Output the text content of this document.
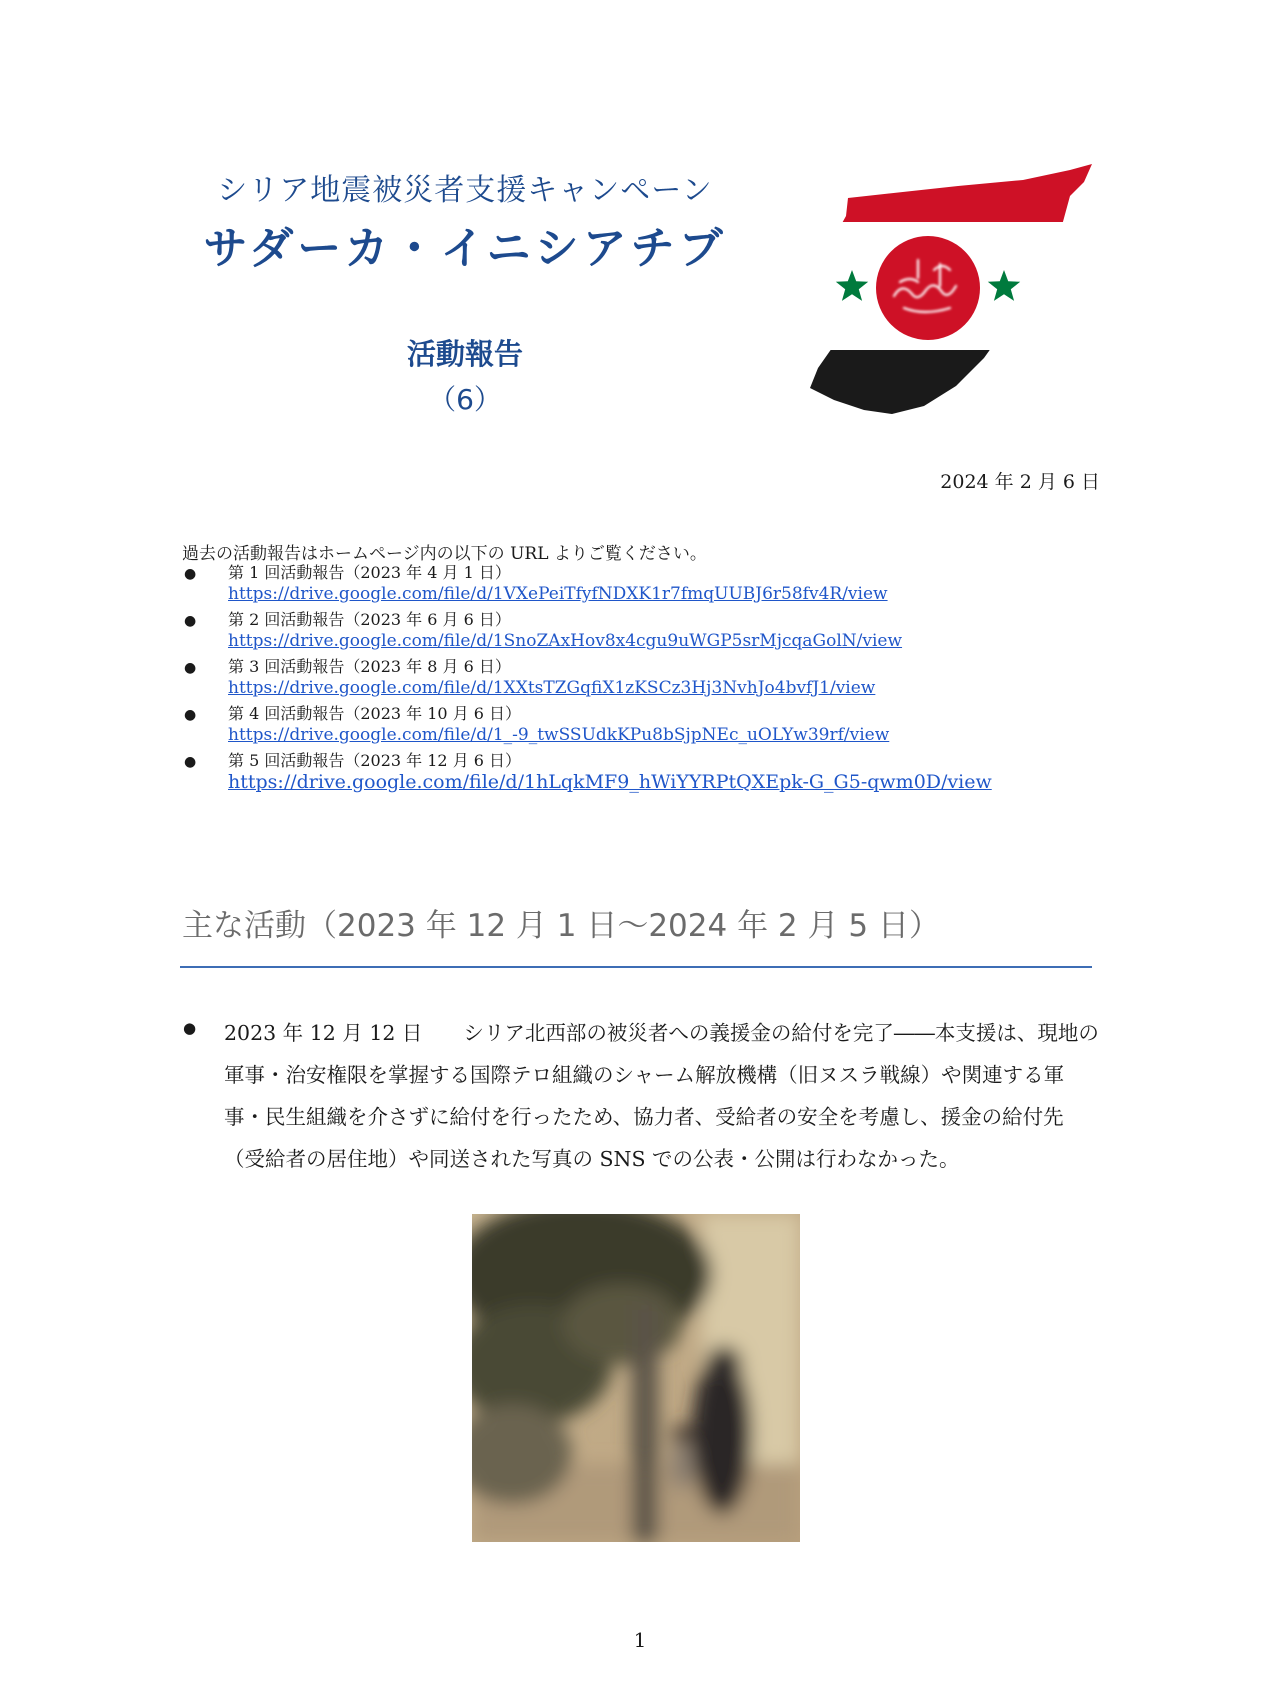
シリア地震被災者支援キャンペーン
サダーカ・イニシアチブ
活動報告
（6）
2024 年 2 月 6 日
過去の活動報告はホームページ内の以下の URL よりご覧ください。
● 第 1 回活動報告（2023 年 4 月 1 日）
https://drive.google.com/file/d/1VXePeiTfyfNDXK1r7fmqUUBJ6r58fv4R/view
● 第 2 回活動報告（2023 年 6 月 6 日）
https://drive.google.com/file/d/1SnoZAxHov8x4cgu9uWGP5srMjcqaGolN/view
● 第 3 回活動報告（2023 年 8 月 6 日）
https://drive.google.com/file/d/1XXtsTZGqfiX1zKSCz3Hj3NvhJo4bvfJ1/view
● 第 4 回活動報告（2023 年 10 月 6 日）
https://drive.google.com/file/d/1_-9_twSSUdkKPu8bSjpNEc_uOLYw39rf/view
● 第 5 回活動報告（2023 年 12 月 6 日）
https://drive.google.com/file/d/1hLqkMF9_hWiYYRPtQXEpk-G_G5-qwm0D/view
主な活動（2023 年 12 月 1 日～2024 年 2 月 5 日）
● 2023 年 12 月 12 日　　シリア北西部の被災者への義援金の給付を完了――本支援は、現地の軍事・治安権限を掌握する国際テロ組織のシャーム解放機構（旧ヌスラ戦線）や関連する軍事・民生組織を介さずに給付を行ったため、協力者、受給者の安全を考慮し、援金の給付先（受給者の居住地）や同送された写真の SNS での公表・公開は行わなかった。
1
